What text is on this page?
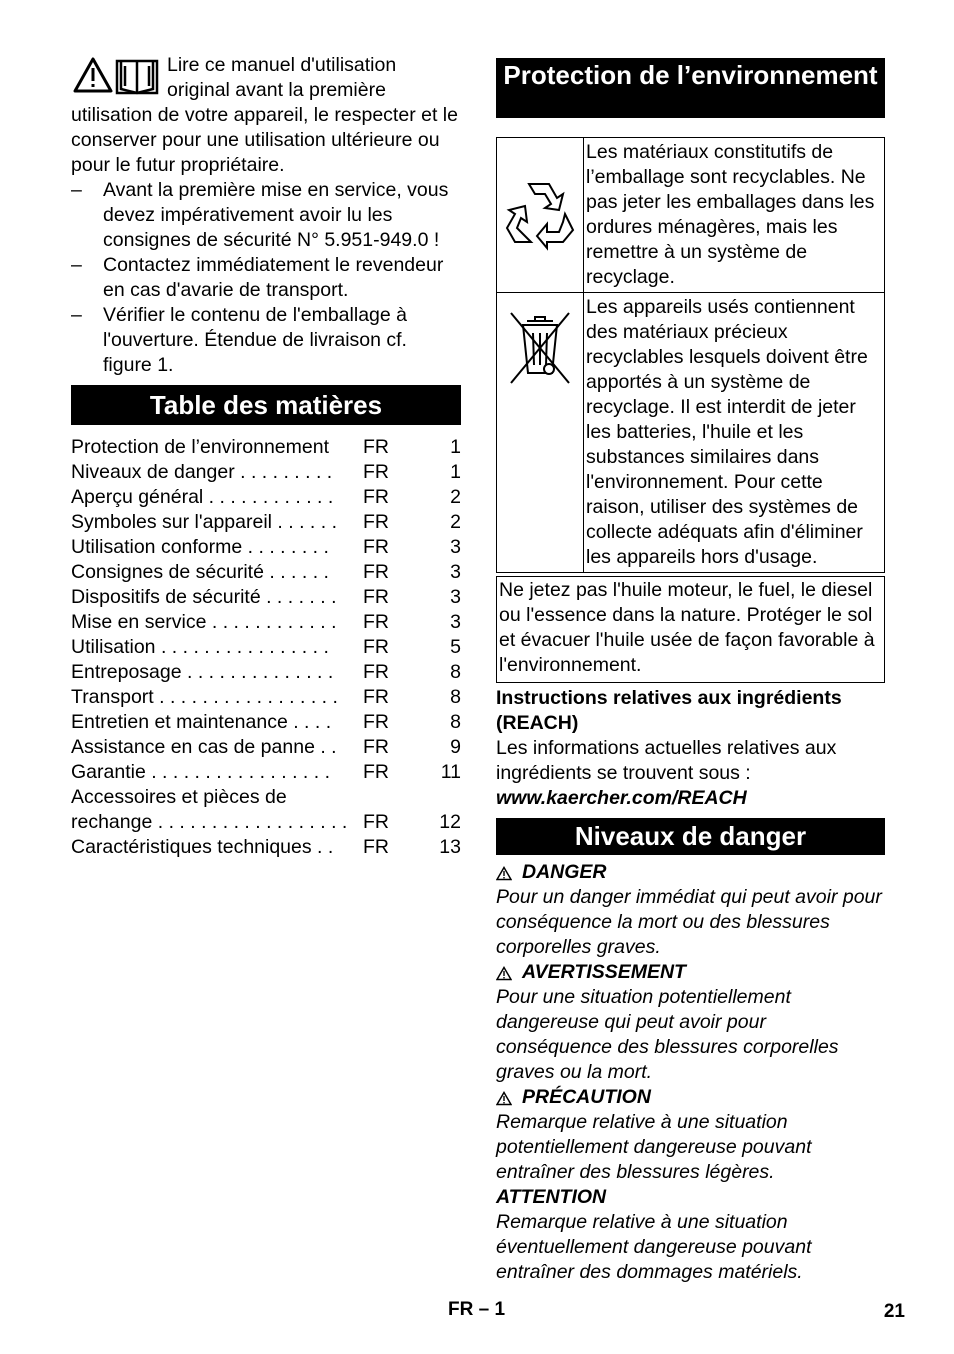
Lire ce manuel d'utilisation original avant la première utilisation de votre appareil, le respecter et le conserver pour une utilisation ultérieure ou pour le futur propriétaire.

– Avant la première mise en service, vous devez impérativement avoir lu les consignes de sécurité N° 5.951-949.0 !
– Contactez immédiatement le revendeur en cas d'avarie de transport.
– Vérifier le contenu de l'emballage à l'ouverture. Étendue de livraison cf. figure 1.
Table des matières
Protection de l’environnement	FR	1
Niveaux de danger . . . . . . . . .	FR	1
Aperçu général . . . . . . . . . . . .	FR	2
Symboles sur l'appareil . . . . . .	FR	2
Utilisation conforme . . . . . . . .	FR	3
Consignes de sécurité . . . . . .	FR	3
Dispositifs de sécurité . . . . . . .	FR	3
Mise en service . . . . . . . . . . . .	FR	3
Utilisation . . . . . . . . . . . . . . . .	FR	5
Entreposage . . . . . . . . . . . . . .	FR	8
Transport . . . . . . . . . . . . . . . . .	FR	8
Entretien et maintenance . . . .	FR	8
Assistance en cas de panne . .	FR	9
Garantie . . . . . . . . . . . . . . . . .	FR	11
Accessoires et pièces de rechange . . . . . . . . . . . . . . . . . . FR	12
Caractéristiques techniques . .	FR	13
Protection de l’environnement
	Les matériaux constitutifs de l’emballage sont recyclables. Ne pas jeter les emballages dans les ordures ménagères, mais les remettre à un système de recyclage.
	Les appareils usés contiennent des matériaux précieux recyclables lesquels doivent être apportés à un système de recyclage. Il est interdit de jeter les batteries, l'huile et les substances similaires dans l'environnement. Pour cette raison, utiliser des systèmes de collecte adéquats afin d'éliminer les appareils hors d'usage.
Ne jetez pas l'huile moteur, le fuel, le diesel ou l'essence dans la nature. Protéger le sol et évacuer l'huile usée de façon favorable à l'environnement.

Instructions relatives aux ingrédients (REACH)

Les informations actuelles relatives aux ingrédients se trouvent sous :

www.kaercher.com/REACH

Niveaux de danger

DANGER

Pour un danger immédiat qui peut avoir pour conséquence la mort ou des blessures corporelles graves.

AVERTISSEMENT

Pour une situation potentiellement dangereuse qui peut avoir pour conséquence des blessures corporelles graves ou la mort.

PRÉCAUTION

Remarque relative à une situation potentiellement dangereuse pouvant entraîner des blessures légères.

ATTENTION

Remarque relative à une situation éventuellement dangereuse pouvant entraîner des dommages matériels.

FR – 1	21
